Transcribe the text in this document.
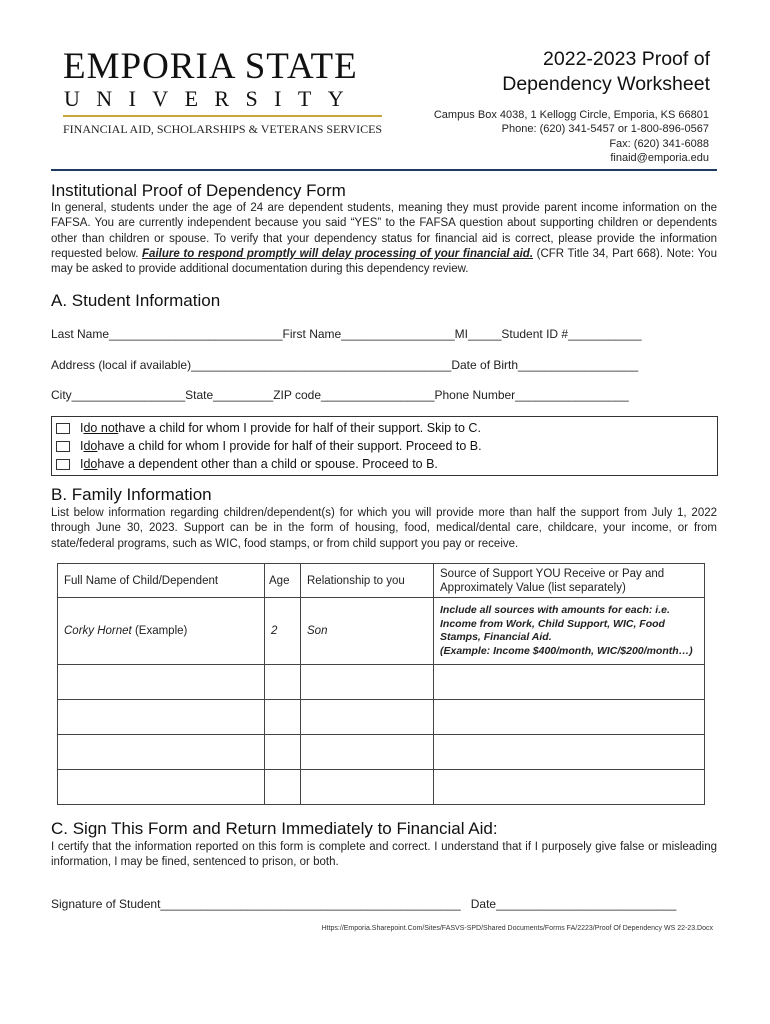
EMPORIA STATE
UNIVERSITY
FINANCIAL AID, SCHOLARSHIPS & VETERANS SERVICES
2022-2023 Proof of
Dependency Worksheet
Campus Box 4038, 1 Kellogg Circle, Emporia, KS 66801
Phone: (620) 341-5457 or 1-800-896-0567
Fax: (620) 341-6088
finaid@emporia.edu
Institutional Proof of Dependency Form
In general, students under the age of 24 are dependent students, meaning they must provide parent income information on the FAFSA. You are currently independent because you said “YES” to the FAFSA question about supporting children or dependents other than children or spouse. To verify that your dependency status for financial aid is correct, please provide the information requested below. Failure to respond promptly will delay processing of your financial aid. (CFR Title 34, Part 668). Note: You may be asked to provide additional documentation during this dependency review.
A. Student Information
Last Name__________________________First Name_________________MI_____Student ID #___________
Address (local if available)_______________________________________Date of Birth__________________
City_________________State_________ZIP code_________________Phone Number_________________
I do not have a child for whom I provide for half of their support. Skip to C.
I do have a child for whom I provide for half of their support. Proceed to B.
I do have a dependent other than a child or spouse. Proceed to B.
B. Family Information
List below information regarding children/dependent(s) for which you will provide more than half the support from July 1, 2022 through June 30, 2023. Support can be in the form of housing, food, medical/dental care, childcare, your income, or from state/federal programs, such as WIC, food stamps, or from child support you pay or receive.
Full Name of Child/Dependent	Age	Relationship to you	Source of Support YOU Receive or Pay and Approximately Value (list separately)
Corky Hornet (Example)	2	Son	Include all sources with amounts for each: i.e. Income from Work, Child Support, WIC, Food Stamps, Financial Aid.
(Example: Income $400/month, WIC/$200/month…)

C. Sign This Form and Return Immediately to Financial Aid:
I certify that the information reported on this form is complete and correct. I understand that if I purposely give false or misleading information, I may be fined, sentenced to prison, or both.
Signature of Student_____________________________________________ Date___________________________
Https://Emporia.Sharepoint.Com/Sites/FASVS-SPD/Shared Documents/Forms FA/2223/Proof Of Dependency WS 22-23.Docx
